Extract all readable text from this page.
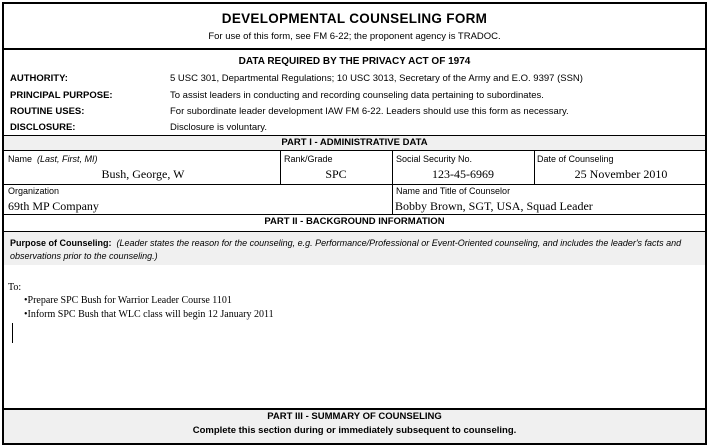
DEVELOPMENTAL COUNSELING FORM
For use of this form, see FM 6-22; the proponent agency is TRADOC.
DATA REQUIRED BY THE PRIVACY ACT OF 1974
AUTHORITY:	5 USC 301, Departmental Regulations; 10 USC 3013, Secretary of the Army and E.O. 9397 (SSN)
PRINCIPAL PURPOSE:	To assist leaders in conducting and recording counseling data pertaining to subordinates.
ROUTINE USES:	For subordinate leader development IAW FM 6-22. Leaders should use this form as necessary.
DISCLOSURE:	Disclosure is voluntary.
PART I - ADMINISTRATIVE DATA
Name (Last, First, MI)
Bush, George, W
Rank/Grade
SPC
Social Security No.
123-45-6969
Date of Counseling
25 November 2010
Organization
69th MP Company
Name and Title of Counselor
Bobby Brown, SGT, USA, Squad Leader
PART II - BACKGROUND INFORMATION
Purpose of Counseling: (Leader states the reason for the counseling, e.g. Performance/Professional or Event-Oriented counseling, and includes the leader's facts and observations prior to the counseling.)
To:
•Prepare SPC Bush for Warrior Leader Course 1101
•Inform SPC Bush that WLC class will begin 12 January 2011
PART III - SUMMARY OF COUNSELING
Complete this section during or immediately subsequent to counseling.
